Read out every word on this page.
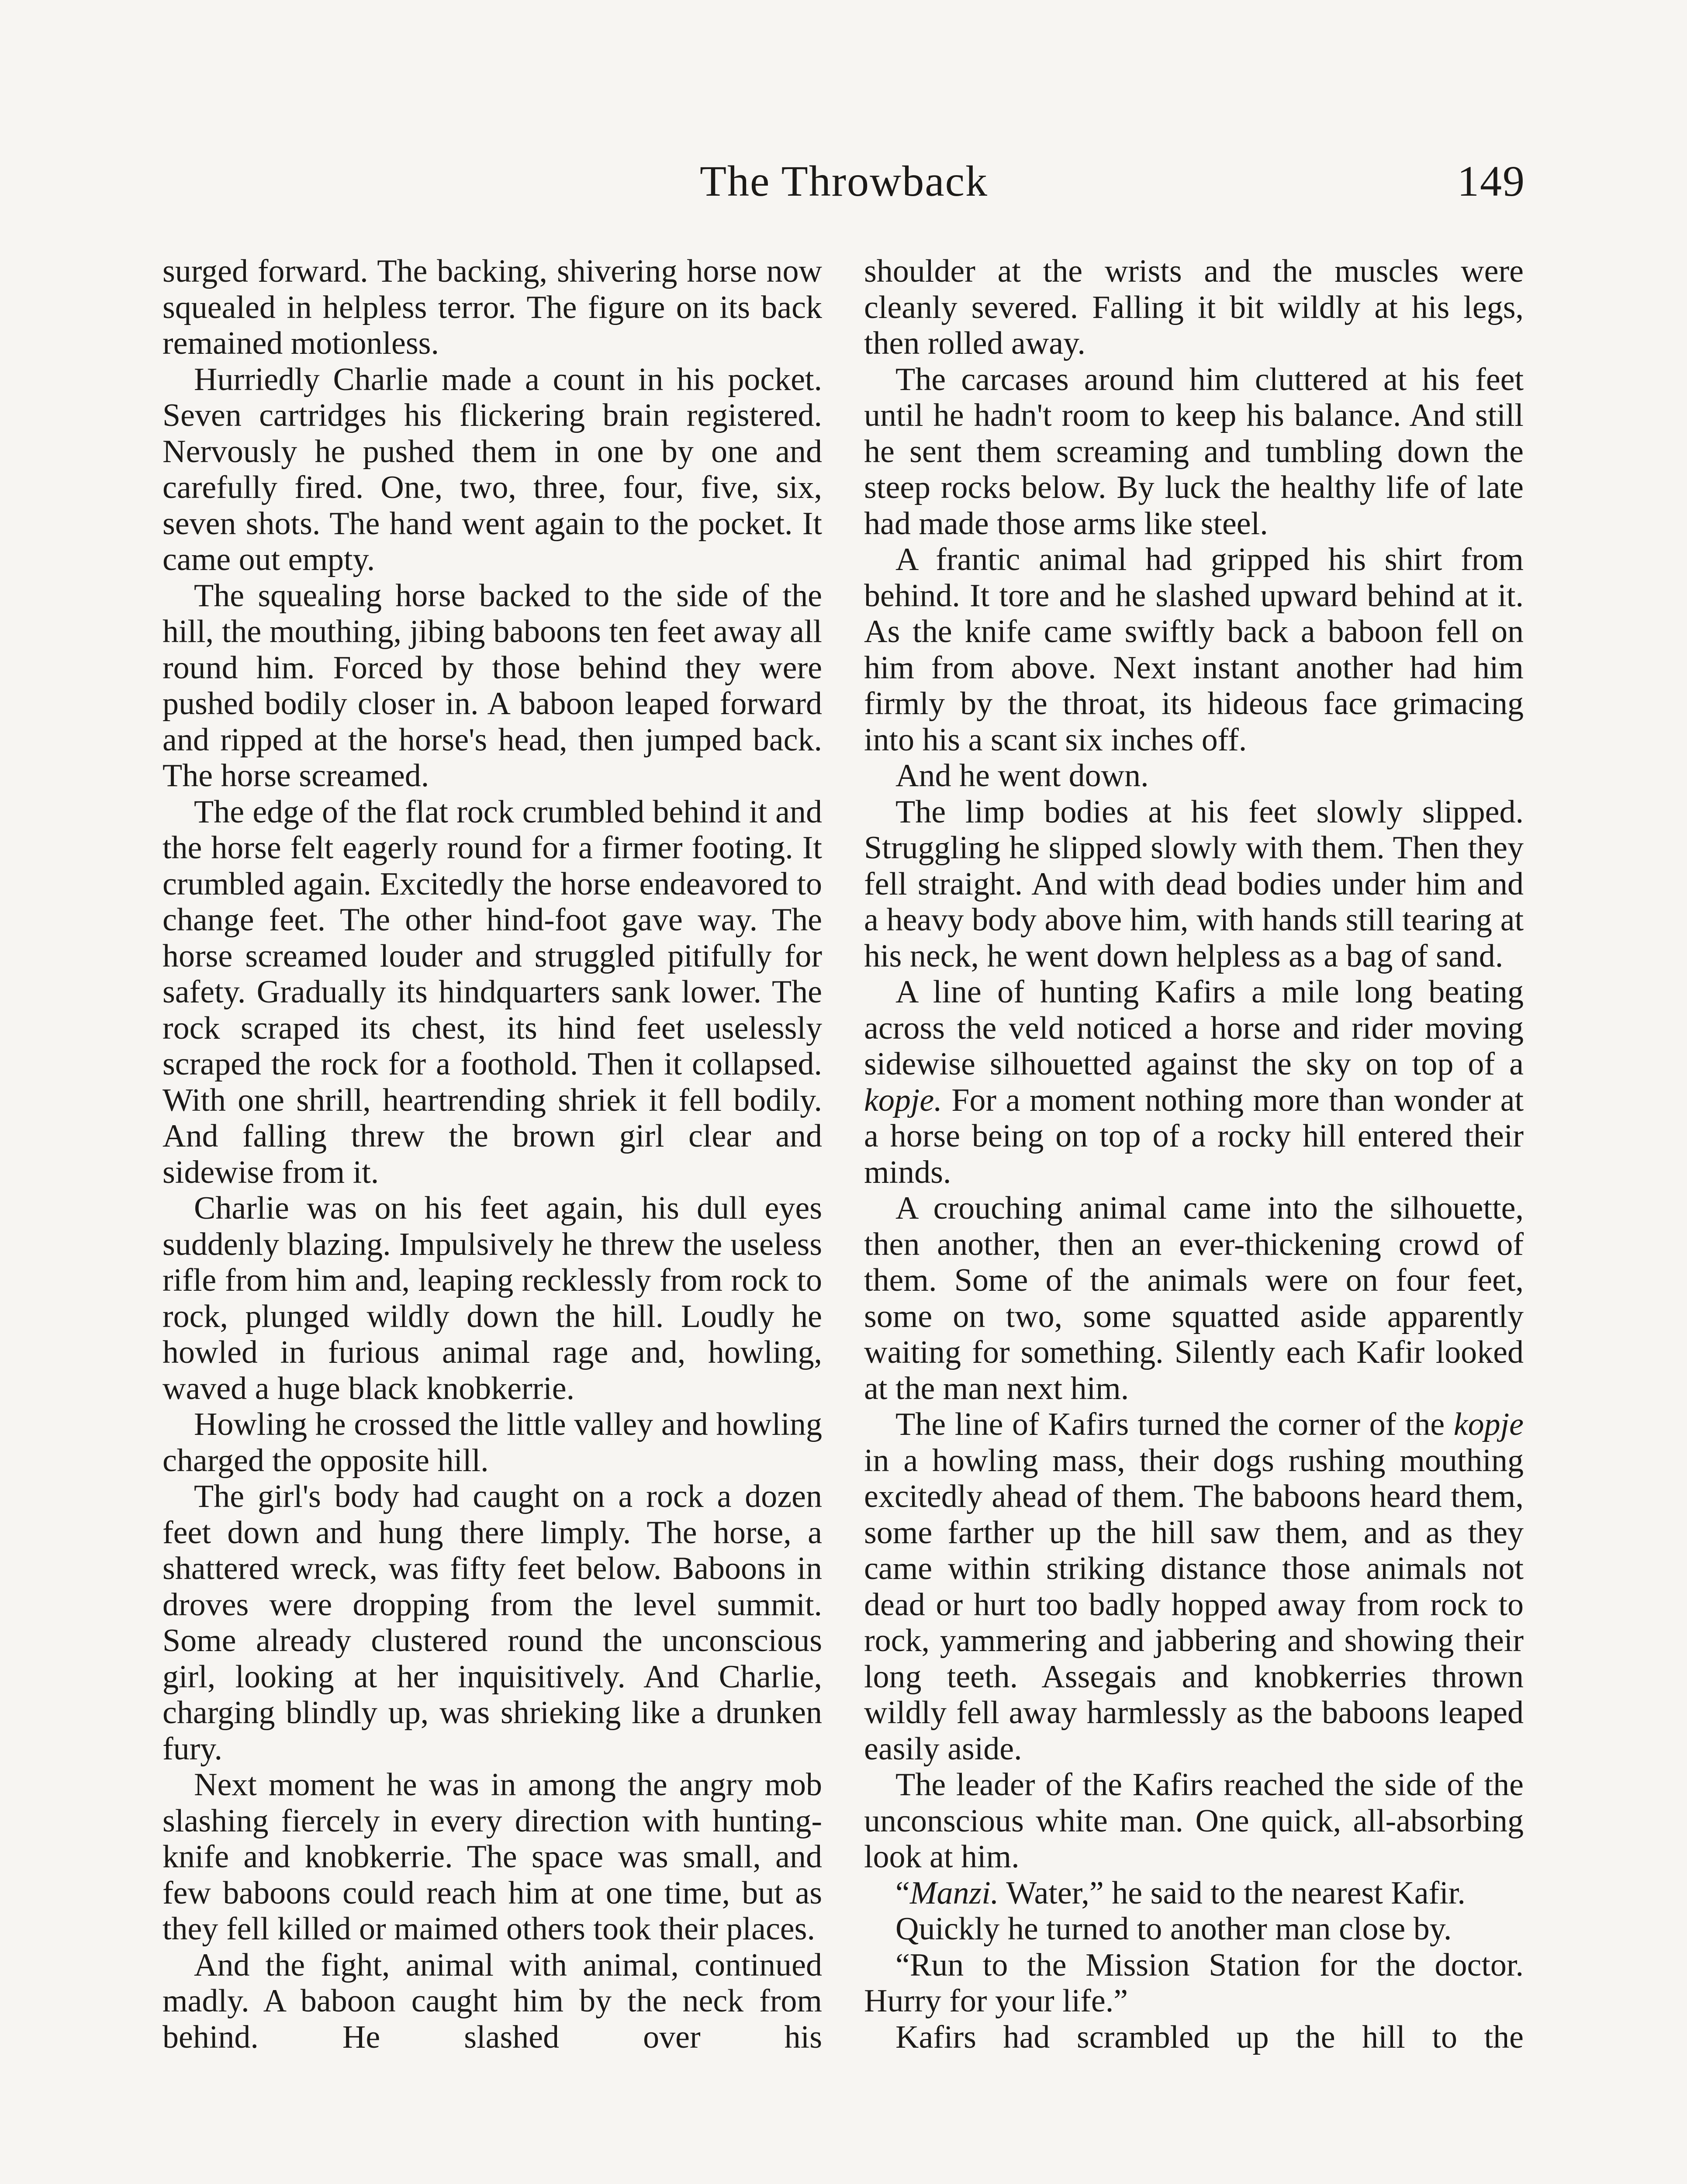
The Throwback	149

surged forward. The backing, shivering horse now squealed in helpless terror. The figure on its back remained motionless.

Hurriedly Charlie made a count in his pocket. Seven cartridges his flickering brain registered. Nervously he pushed them in one by one and carefully fired. One, two, three, four, five, six, seven shots. The hand went again to the pocket. It came out empty.

The squealing horse backed to the side of the hill, the mouthing, jibing baboons ten feet away all round him. Forced by those behind they were pushed bodily closer in. A baboon leaped forward and ripped at the horse's head, then jumped back. The horse screamed.

The edge of the flat rock crumbled behind it and the horse felt eagerly round for a firmer footing. It crumbled again. Excitedly the horse endeavored to change feet. The other hind-foot gave way. The horse screamed louder and struggled pitifully for safety. Gradually its hindquarters sank lower. The rock scraped its chest, its hind feet uselessly scraped the rock for a foothold. Then it collapsed. With one shrill, heartrending shriek it fell bodily. And falling threw the brown girl clear and sidewise from it.

Charlie was on his feet again, his dull eyes suddenly blazing. Impulsively he threw the useless rifle from him and, leaping recklessly from rock to rock, plunged wildly down the hill. Loudly he howled in furious animal rage and, howling, waved a huge black knobkerrie.

Howling he crossed the little valley and howling charged the opposite hill.

The girl's body had caught on a rock a dozen feet down and hung there limply. The horse, a shattered wreck, was fifty feet below. Baboons in droves were dropping from the level summit. Some already clustered round the unconscious girl, looking at her inquisitively. And Charlie, charging blindly up, was shrieking like a drunken fury.

Next moment he was in among the angry mob slashing fiercely in every direction with hunting-knife and knobkerrie. The space was small, and few baboons could reach him at one time, but as they fell killed or maimed others took their places.

And the fight, animal with animal, continued madly. A baboon caught him by the neck from behind. He slashed over his

shoulder at the wrists and the muscles were cleanly severed. Falling it bit wildly at his legs, then rolled away.

The carcases around him cluttered at his feet until he hadn't room to keep his balance. And still he sent them screaming and tumbling down the steep rocks below. By luck the healthy life of late had made those arms like steel.

A frantic animal had gripped his shirt from behind. It tore and he slashed upward behind at it. As the knife came swiftly back a baboon fell on him from above. Next instant another had him firmly by the throat, its hideous face grimacing into his a scant six inches off.

And he went down.

The limp bodies at his feet slowly slipped. Struggling he slipped slowly with them. Then they fell straight. And with dead bodies under him and a heavy body above him, with hands still tearing at his neck, he went down helpless as a bag of sand.

A line of hunting Kafirs a mile long beating across the veld noticed a horse and rider moving sidewise silhouetted against the sky on top of a kopje. For a moment nothing more than wonder at a horse being on top of a rocky hill entered their minds.

A crouching animal came into the silhouette, then another, then an ever-thickening crowd of them. Some of the animals were on four feet, some on two, some squatted aside apparently waiting for something. Silently each Kafir looked at the man next him.

The line of Kafirs turned the corner of the kopje in a howling mass, their dogs rushing mouthing excitedly ahead of them. The baboons heard them, some farther up the hill saw them, and as they came within striking distance those animals not dead or hurt too badly hopped away from rock to rock, yammering and jabbering and showing their long teeth. Assegais and knobkerries thrown wildly fell away harmlessly as the baboons leaped easily aside.

The leader of the Kafirs reached the side of the unconscious white man. One quick, all-absorbing look at him.

“Manzi. Water,” he said to the nearest Kafir.

Quickly he turned to another man close by.

“Run to the Mission Station for the doctor. Hurry for your life.”

Kafirs had scrambled up the hill to the
